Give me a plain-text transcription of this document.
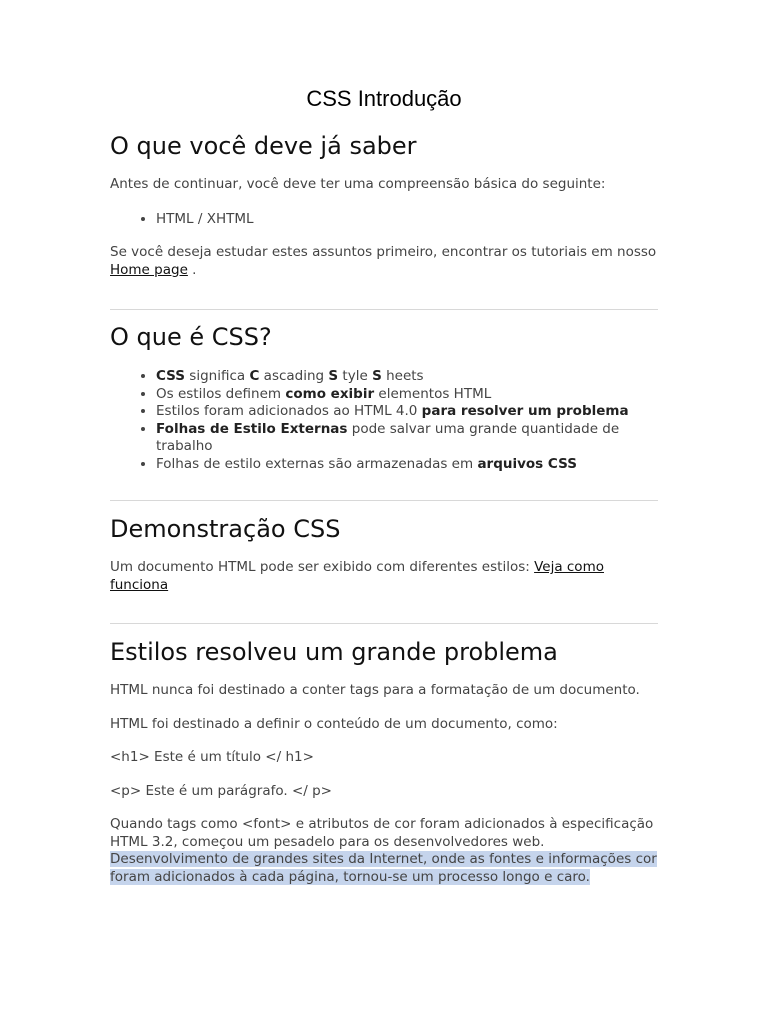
CSS Introdução
O que você deve já saber

Antes de continuar, você deve ter uma compreensão básica do seguinte:

• HTML / XHTML

Se você deseja estudar estes assuntos primeiro, encontrar os tutoriais em nosso Home page .

O que é CSS?
• CSS significa C ascading S tyle S heets
• Os estilos definem como exibir elementos HTML
• Estilos foram adicionados ao HTML 4.0 para resolver um problema
• Folhas de Estilo Externas pode salvar uma grande quantidade de trabalho
• Folhas de estilo externas são armazenadas em arquivos CSS
Demonstração CSS

Um documento HTML pode ser exibido com diferentes estilos: Veja como funciona

Estilos resolveu um grande problema

HTML nunca foi destinado a conter tags para a formatação de um documento.

HTML foi destinado a definir o conteúdo de um documento, como:

<h1> Este é um título </ h1>

<p> Este é um parágrafo. </ p>

Quando tags como <font> e atributos de cor foram adicionados à especificação HTML 3.2, começou um pesadelo para os desenvolvedores web. Desenvolvimento de grandes sites da Internet, onde as fontes e informações cor foram adicionados à cada página, tornou-se um processo longo e caro.
